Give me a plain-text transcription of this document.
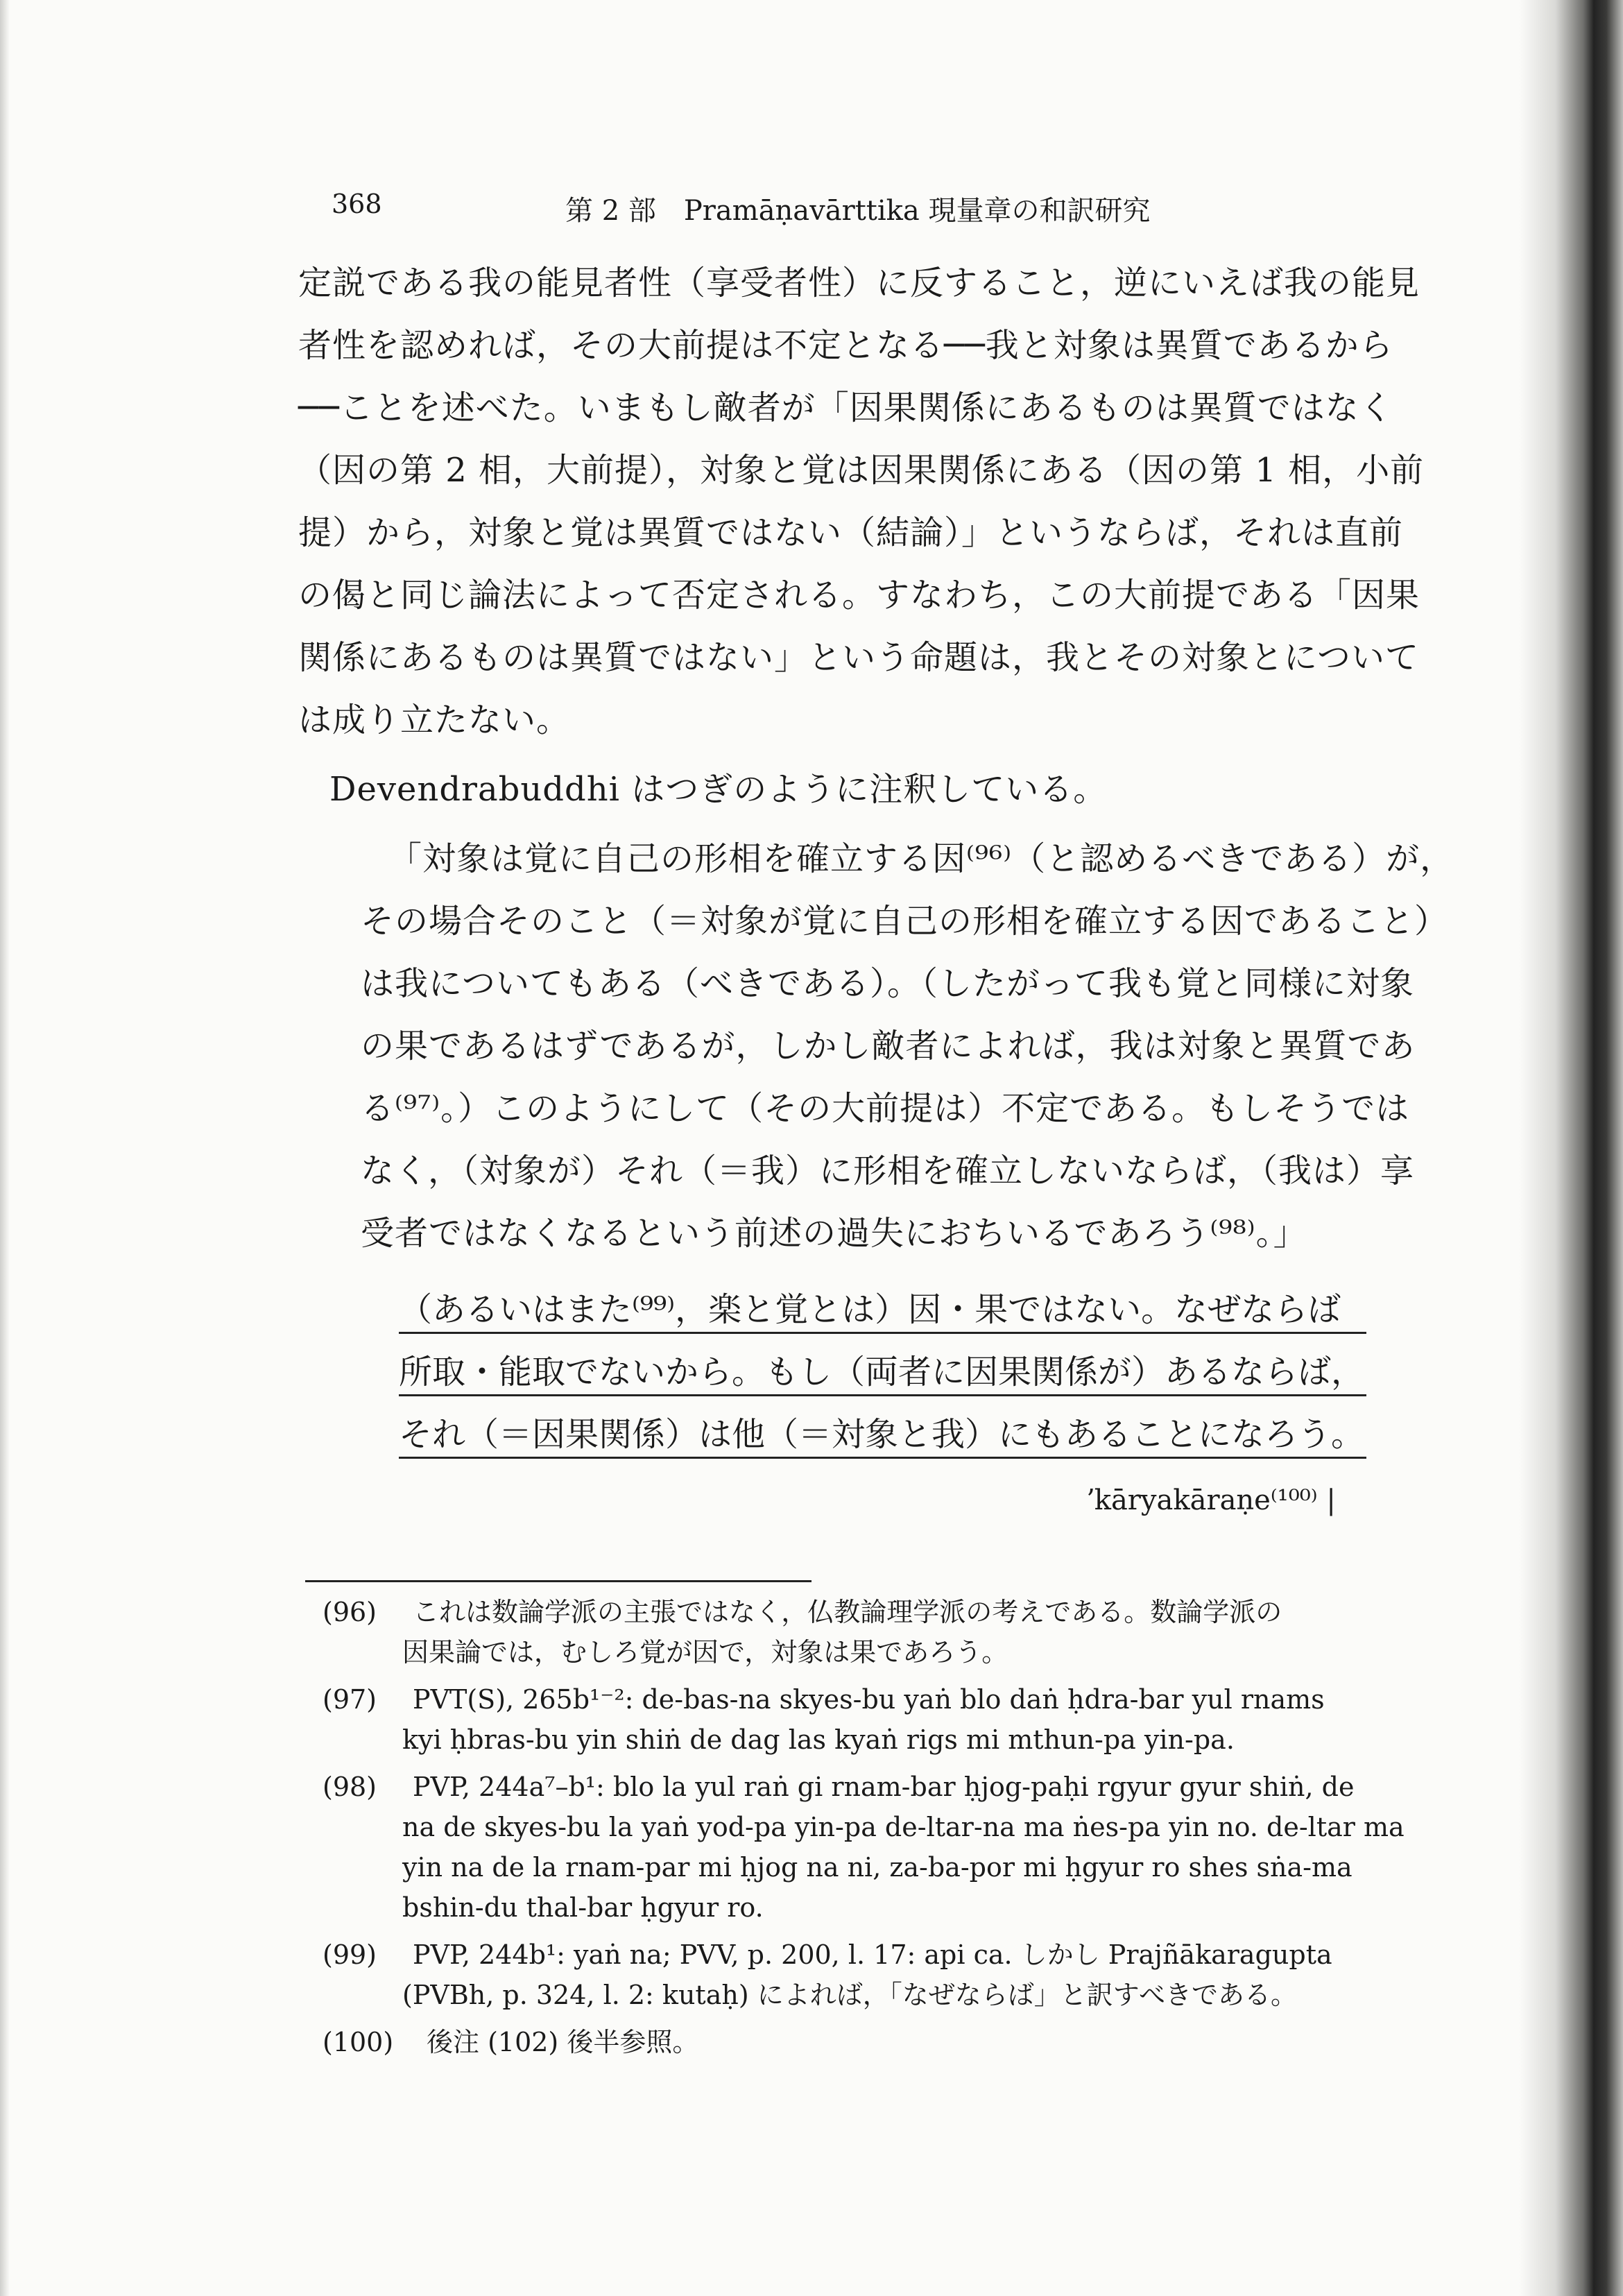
368	第 2 部　Pramāṇavārttika 現量章の和訳研究
定説である我の能見者性（享受者性）に反すること，逆にいえば我の能見
者性を認めれば，その大前提は不定となる──我と対象は異質であるから
──ことを述べた。いまもし敵者が「因果関係にあるものは異質ではなく
（因の第 2 相，大前提），対象と覚は因果関係にある（因の第 1 相，小前
提）から，対象と覚は異質ではない（結論）」というならば，それは直前
の偈と同じ論法によって否定される。すなわち，この大前提である「因果
関係にあるものは異質ではない」という命題は，我とその対象とについて
は成り立たない。
Devendrabuddhi はつぎのように注釈している。
「対象は覚に自己の形相を確立する因⁽⁹⁶⁾（と認めるべきである）が，
その場合そのこと（＝対象が覚に自己の形相を確立する因であること）
は我についてもある（べきである）。（したがって我も覚と同様に対象
の果であるはずであるが，しかし敵者によれば，我は対象と異質であ
る⁽⁹⁷⁾。）このようにして（その大前提は）不定である。もしそうでは
なく，（対象が）それ（＝我）に形相を確立しないならば，（我は）享
受者ではなくなるという前述の過失におちいるであろう⁽⁹⁸⁾。」
（あるいはまた⁽⁹⁹⁾，楽と覚とは）因・果ではない。なぜならば
所取・能取でないから。もし（両者に因果関係が）あるならば，
それ（＝因果関係）は他（＝対象と我）にもあることになろう。
ʼkāryakāraṇe⁽¹⁰⁰⁾ |
(96) これは数論学派の主張ではなく，仏教論理学派の考えである。数論学派の
因果論では，むしろ覚が因で，対象は果であろう。
(97) PVT(S), 265b¹⁻²: de-bas-na skyes-bu yaṅ blo daṅ ḥdra-bar yul rnams
kyi ḥbras-bu yin shiṅ de dag las kyaṅ rigs mi mthun-pa yin-pa.
(98) PVP, 244a⁷–b¹: blo la yul raṅ gi rnam-bar ḥjog-paḥi rgyur gyur shiṅ, de
na de skyes-bu la yaṅ yod-pa yin-pa de-ltar-na ma ṅes-pa yin no. de-ltar ma
yin na de la rnam-par mi ḥjog na ni, za-ba-por mi ḥgyur ro shes sṅa-ma
bshin-du thal-bar ḥgyur ro.
(99) PVP, 244b¹: yaṅ na; PVV, p. 200, l. 17: api ca. しかし Prajñākaragupta
(PVBh, p. 324, l. 2: kutaḥ) によれば，「なぜならば」と訳すべきである。
(100) 後注 (102) 後半参照。
